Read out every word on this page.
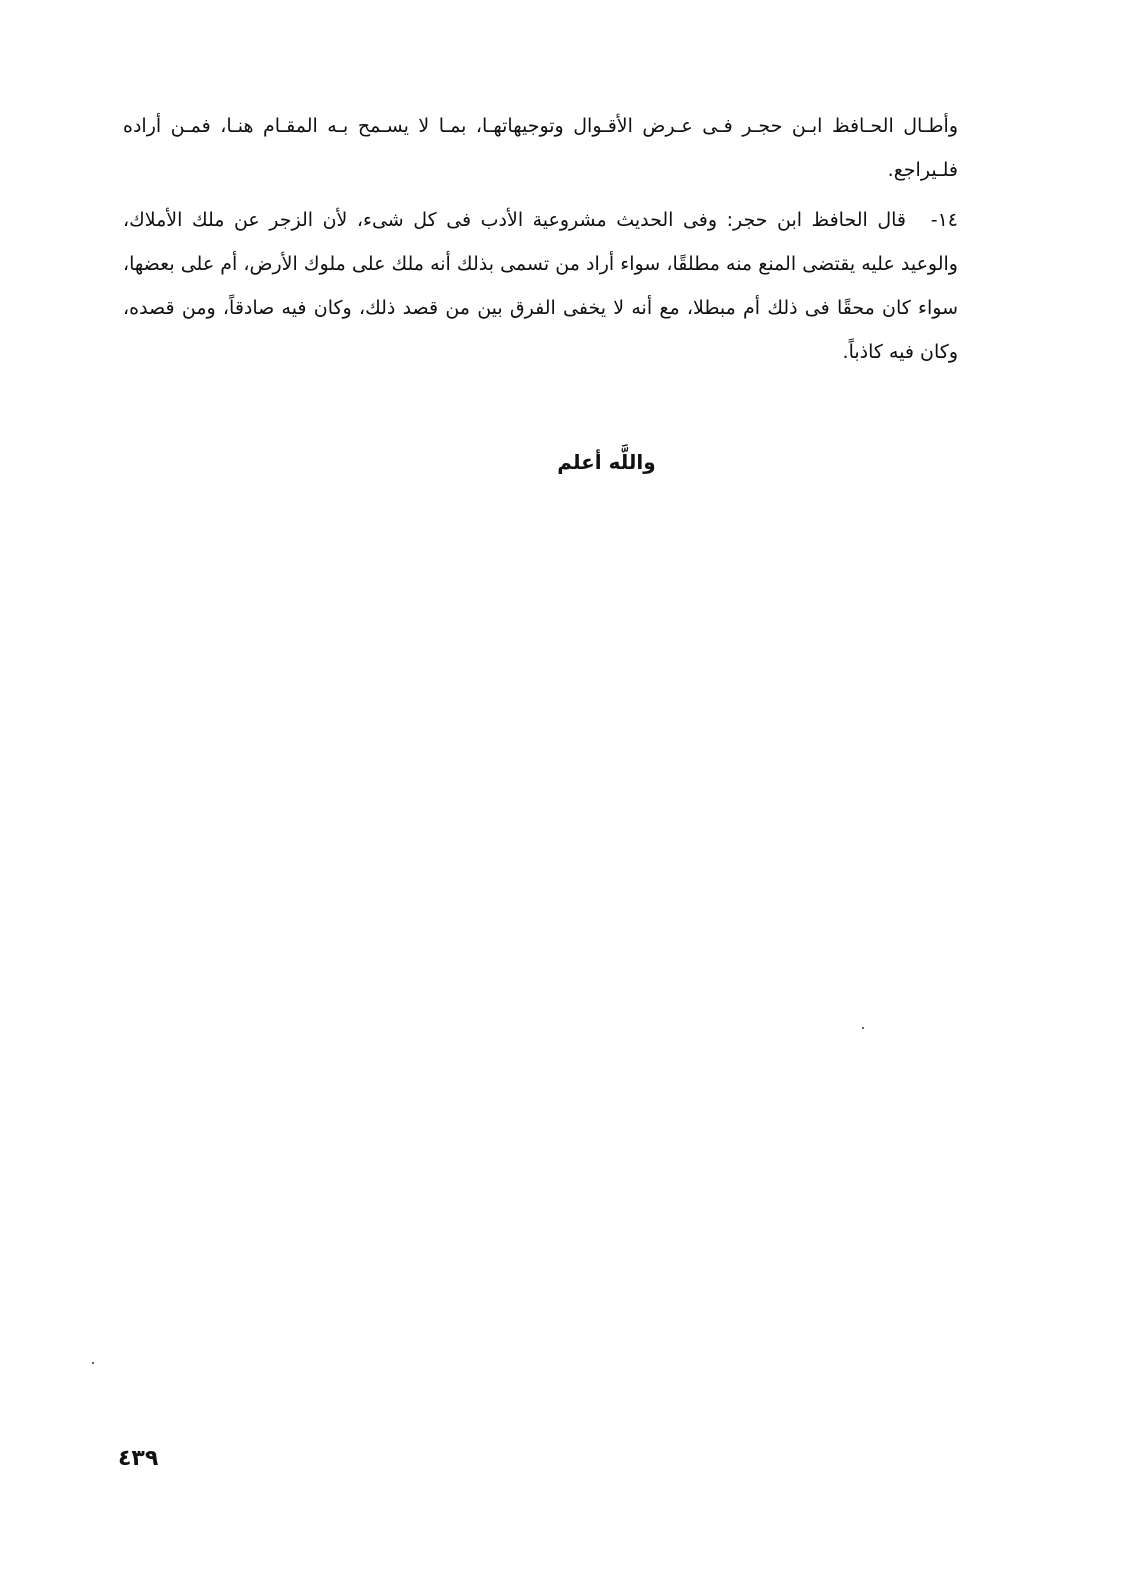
وأطـال الحـافظ ابـن حجـر فـى عـرض الأقـوال وتوجيهاتهـا، بمـا لا يسـمح بـه المقـام هنـا، فمـن أراده فلـيراجع.

١٤-
قال الحافظ ابن حجر: وفى الحديث مشروعية الأدب فى كل شىء، لأن الزجر عن ملك الأملاك، والوعيد عليه يقتضى المنع منه مطلقًا، سواء أراد من تسمى بذلك أنه ملك على ملوك الأرض، أم على بعضها، سواء كان محقًا فى ذلك أم مبطلا، مع أنه لا يخفى الفرق بين من قصد ذلك، وكان فيه صادقاً، ومن قصده، وكان فيه كاذباً.
واللَّه أعلم
٤٣٩
